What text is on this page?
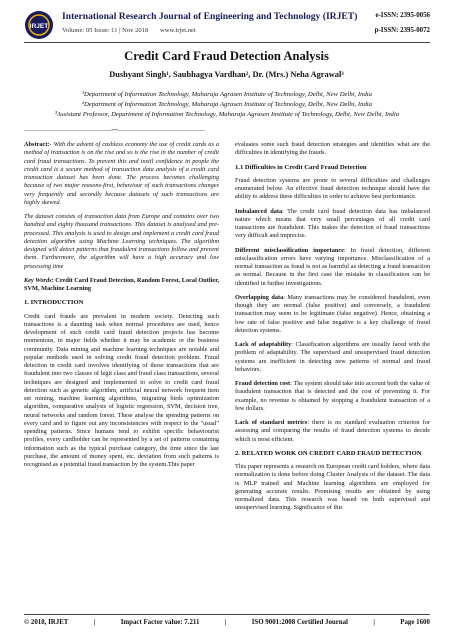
IRJET
International Research Journal of Engineering and Technology (IRJET)
Volume: 05 Issue: 11 | Nov 2018 www.irjet.net
e-ISSN: 2395-0056
p-ISSN: 2395-0072
Credit Card Fraud Detection Analysis
Dushyant Singh¹, Saubhagya Vardhan², Dr. (Mrs.) Neha Agrawal³
¹Department of Information Technology, Maharaja Agrasen Institute of Technology, Delhi, New Delhi, India
²Department of Information Technology, Maharaja Agrasen Institute of Technology, Delhi, New Delhi, India
³Assistant Professor, Department of Information Technology, Maharaja Agrasen Institute of Technology, Delhi, New Delhi, India
---------------------------------------------------------------------***---------------------------------------------------------------------

Abstract:- With the advent of cashless economy the use of credit cards as a method of transaction is on the rise and so is the rise in the number of credit card fraud transactions. To prevent this and instil confidence in people the credit card is a secure method of transaction data analysis of a credit card transaction dataset has been done. The process becomes challenging because of two major reasons-first, behaviour of such transactions changes very frequently and secondly because datasets of such transactions are highly skewed.

The dataset consists of transaction data from Europe and contains over two hundred and eighty thousand transactions. This dataset is analysed and pre-processed. This analysis is used to design and implement a credit card fraud detection algorithm using Machine Learning techniques. The algorithm designed will detect patterns that fraudulent transactions follow and prevent them. Furthermore, the algorithm will have a high accuracy and low processing time

Key Words: Credit Card Fraud Detection, Random Forest, Local Outlier, SVM, Machine Learning

1. INTRODUCTION

Credit card frauds are prevalent in modern society. Detecting such transactions is a daunting task when normal procedures are used, hence development of such credit card fraud detection projects has become momentous, in major fields whether it may be academic or the business community. Data mining and machine learning techniques are notable and popular methods used in solving credit fraud detection problem. Fraud detection in credit card involves identifying of those transactions that are fraudulent into two classes of legit class and fraud class transactions, several techniques are designed and implemented to solve to credit card fraud detection such as genetic algorithm, artificial neural network frequent item set mining, machine learning algorithms, migrating birds optimization algorithm, comparative analysis of logistic regression, SVM, decision tree, neural networks and random forest. These analyse the spending patterns on every card and to figure out any inconsistencies with respect to the "usual" spending patterns. Since humans tend to exhibit specific behaviourist profiles, every cardholder can be represented by a set of patterns containing information such as the typical purchase category, the time since the last purchase, the amount of money spent, etc. deviation from such patterns is recognised as a potential fraud transaction by the system.This paper

evaluates some such fraud detection strategies and identifies what are the difficulties in identifying the frauds.

1.1 Difficulties in Credit Card Fraud Detection

Fraud detection systems are prone to several difficulties and challenges enumerated below. An effective fraud detection technique should have the ability to address these difficulties in order to achieve best performance.

Imbalanced data: The credit card fraud detection data has imbalanced nature which means that very small percentages of all credit card transactions are fraudulent. This makes the detection of fraud transactions very difficult and imprecise.

Different misclassification importance: In fraud detection, different misclassification errors have varying importance. Misclassification of a normal transaction as fraud is not as harmful as detecting a fraud transaction as normal. Because in the first case the mistake in classification can be identified in further investigations.

Overlapping data: Many transactions may be considered fraudulent, even though they are normal (false positive) and conversely, a fraudulent transaction may seem to be legitimate (false negative). Hence, obtaining a low rate of false positive and false negative is a key challenge of fraud detection systems.

Lack of adaptability: Classification algorithms are usually faced with the problem of adaptability. The supervised and unsupervised fraud detection systems are inefficient in detecting new patterns of normal and fraud behaviors.

Fraud detection cost: The system should take into account both the value of fraudulent transaction that is detected and the cost of preventing it. For example, no revenue is obtained by stopping a fraudulent transaction of a few dollars.

Lack of standard metrics: there is no standard evaluation criterion for assessing and comparing the results of fraud detection systems to decide which is most efficient.

2. RELATED WORK ON CREDIT CARD FRAUD DETECTION

This paper represents a research on European credit card holders, where data normalization is done before doing Cluster Analysis of the dataset. The data is MLP trained and Machine learning algorithms are employed for generating accurate results. Promising results are obtained by using normalized data. This research was based on both supervised and unsupervised learning. Significance of this

© 2018, IRJET	|	Impact Factor value: 7.211	|	ISO 9001:2008 Certified Journal	|	Page 1600
